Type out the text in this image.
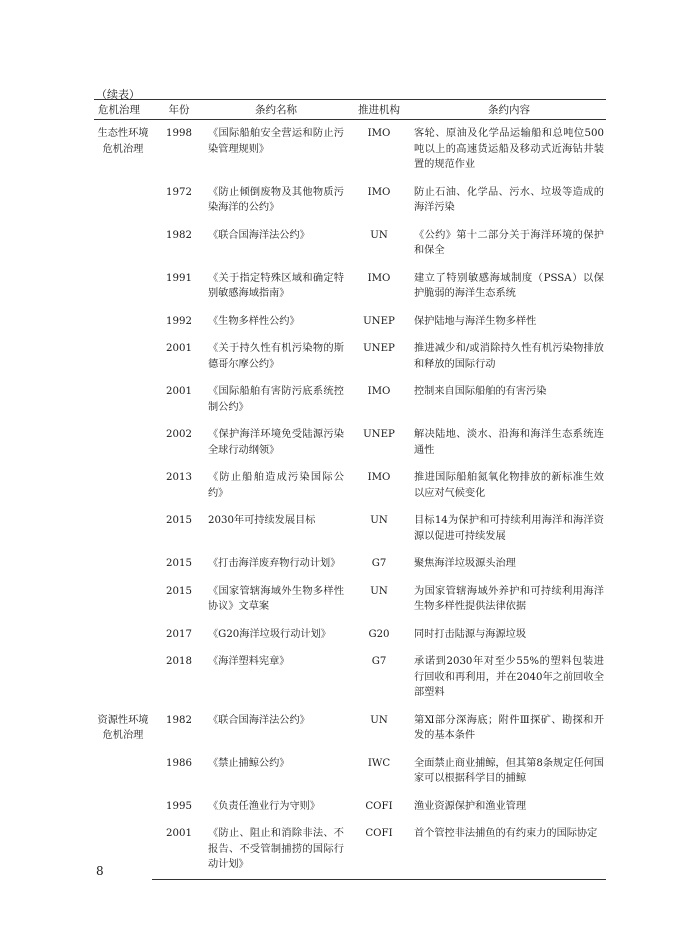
（续表）
危机治理	年份	条约名称	推进机构	条约内容
生态性环境危机治理	1998	《国际船舶安全营运和防止污染管理规则》	IMO	客轮、原油及化学品运输船和总吨位500吨以上的高速货运船及移动式近海钻井装置的规范作业
	1972	《防止倾倒废物及其他物质污染海洋的公约》	IMO	防止石油、化学品、污水、垃圾等造成的海洋污染
	1982	《联合国海洋法公约》	UN	《公约》第十二部分关于海洋环境的保护和保全
	1991	《关于指定特殊区域和确定特别敏感海域指南》	IMO	建立了特别敏感海域制度（PSSA）以保护脆弱的海洋生态系统
	1992	《生物多样性公约》	UNEP	保护陆地与海洋生物多样性
	2001	《关于持久性有机污染物的斯德哥尔摩公约》	UNEP	推进减少和/或消除持久性有机污染物排放和释放的国际行动
	2001	《国际船舶有害防污底系统控制公约》	IMO	控制来自国际船舶的有害污染
	2002	《保护海洋环境免受陆源污染全球行动纲领》	UNEP	解决陆地、淡水、沿海和海洋生态系统连通性
	2013	《防止船舶造成污染国际公约》	IMO	推进国际船舶氮氧化物排放的新标准生效以应对气候变化
	2015	2030年可持续发展目标	UN	目标14为保护和可持续利用海洋和海洋资源以促进可持续发展
	2015	《打击海洋废弃物行动计划》	G7	聚焦海洋垃圾源头治理
	2015	《国家管辖海域外生物多样性协议》文草案	UN	为国家管辖海域外养护和可持续利用海洋生物多样性提供法律依据
	2017	《G20海洋垃圾行动计划》	G20	同时打击陆源与海源垃圾
	2018	《海洋塑料宪章》	G7	承诺到2030年对至少55%的塑料包装进行回收和再利用，并在2040年之前回收全部塑料
资源性环境危机治理	1982	《联合国海洋法公约》	UN	第Ⅺ部分深海底；附件Ⅲ探矿、勘探和开发的基本条件
	1986	《禁止捕鲸公约》	IWC	全面禁止商业捕鲸，但其第8条规定任何国家可以根据科学目的捕鲸
	1995	《负责任渔业行为守则》	COFI	渔业资源保护和渔业管理
	2001	《防止、阻止和消除非法、不报告、不受管制捕捞的国际行动计划》	COFI	首个管控非法捕鱼的有约束力的国际协定
8
